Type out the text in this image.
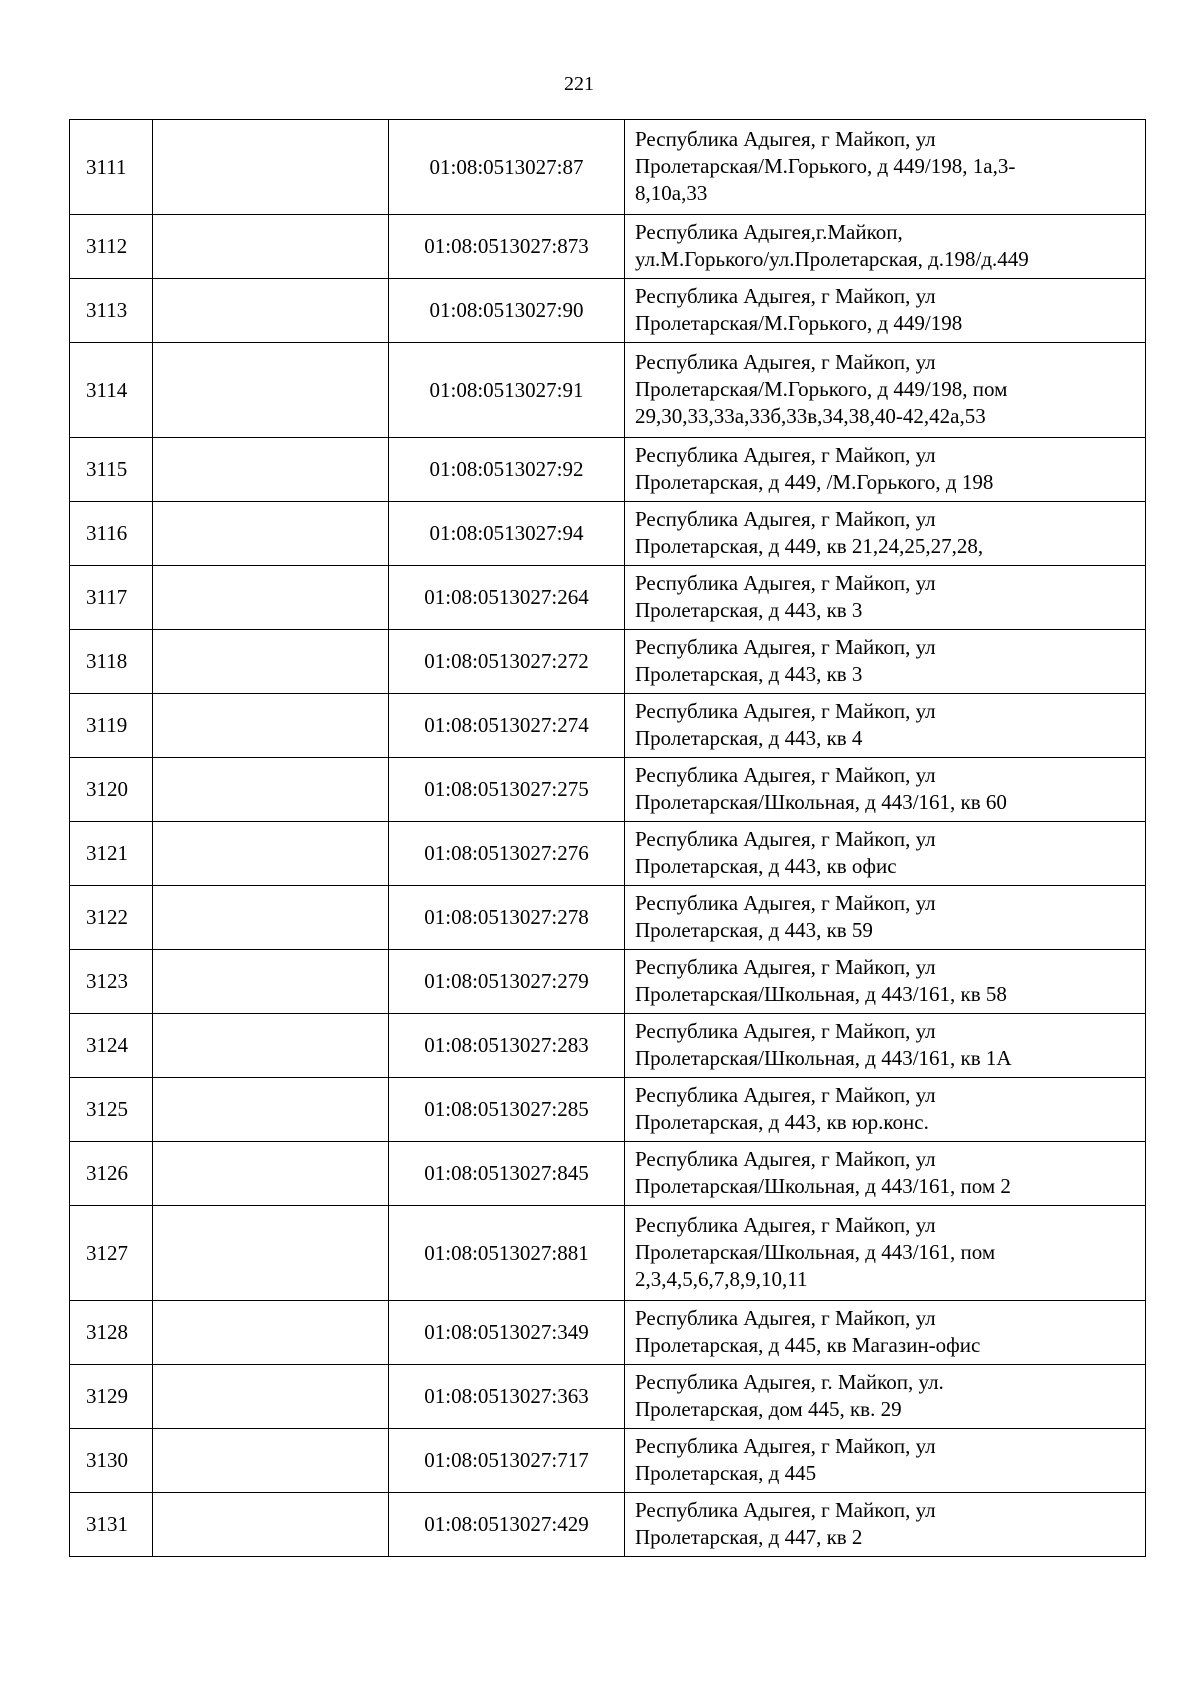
221
3111		01:08:0513027:87	Республика Адыгея, г Майкоп, ул
Пролетарская/М.Горького, д 449/198, 1а,3-
8,10а,33
3112		01:08:0513027:873	Республика Адыгея,г.Майкоп,
ул.М.Горького/ул.Пролетарская, д.198/д.449
3113		01:08:0513027:90	Республика Адыгея, г Майкоп, ул
Пролетарская/М.Горького, д 449/198
3114		01:08:0513027:91	Республика Адыгея, г Майкоп, ул
Пролетарская/М.Горького, д 449/198, пом
29,30,33,33а,33б,33в,34,38,40-42,42а,53
3115		01:08:0513027:92	Республика Адыгея, г Майкоп, ул
Пролетарская, д 449, /М.Горького, д 198
3116		01:08:0513027:94	Республика Адыгея, г Майкоп, ул
Пролетарская, д 449, кв 21,24,25,27,28,
3117		01:08:0513027:264	Республика Адыгея, г Майкоп, ул
Пролетарская, д 443, кв 3
3118		01:08:0513027:272	Республика Адыгея, г Майкоп, ул
Пролетарская, д 443, кв 3
3119		01:08:0513027:274	Республика Адыгея, г Майкоп, ул
Пролетарская, д 443, кв 4
3120		01:08:0513027:275	Республика Адыгея, г Майкоп, ул
Пролетарская/Школьная, д 443/161, кв 60
3121		01:08:0513027:276	Республика Адыгея, г Майкоп, ул
Пролетарская, д 443, кв офис
3122		01:08:0513027:278	Республика Адыгея, г Майкоп, ул
Пролетарская, д 443, кв 59
3123		01:08:0513027:279	Республика Адыгея, г Майкоп, ул
Пролетарская/Школьная, д 443/161, кв 58
3124		01:08:0513027:283	Республика Адыгея, г Майкоп, ул
Пролетарская/Школьная, д 443/161, кв 1А
3125		01:08:0513027:285	Республика Адыгея, г Майкоп, ул
Пролетарская, д 443, кв юр.конс.
3126		01:08:0513027:845	Республика Адыгея, г Майкоп, ул
Пролетарская/Школьная, д 443/161, пом 2
3127		01:08:0513027:881	Республика Адыгея, г Майкоп, ул
Пролетарская/Школьная, д 443/161, пом
2,3,4,5,6,7,8,9,10,11
3128		01:08:0513027:349	Республика Адыгея, г Майкоп, ул
Пролетарская, д 445, кв Магазин-офис
3129		01:08:0513027:363	Республика Адыгея, г. Майкоп, ул.
Пролетарская, дом 445, кв. 29
3130		01:08:0513027:717	Республика Адыгея, г Майкоп, ул
Пролетарская, д 445
3131		01:08:0513027:429	Республика Адыгея, г Майкоп, ул
Пролетарская, д 447, кв 2
